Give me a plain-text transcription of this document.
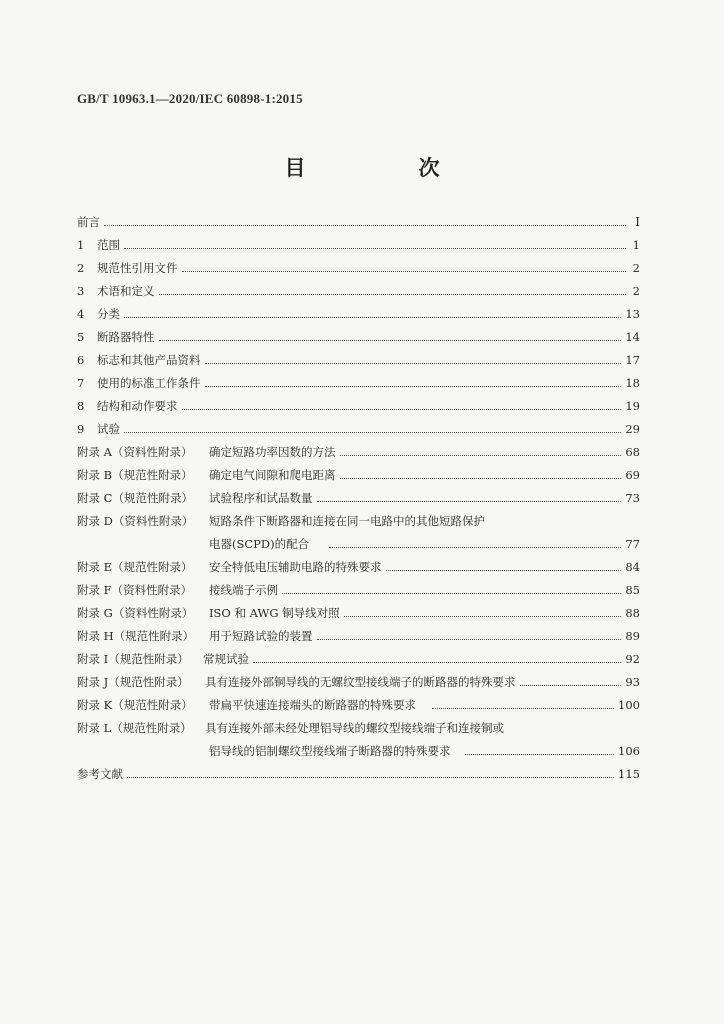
GB/T 10963.1—2020/IEC 60898-1:2015
目　次
前言	Ⅰ
1	范围	1
2	规范性引用文件	2
3	术语和定义	2
4	分类	13
5	断路器特性	14
6	标志和其他产品资料	17
7	使用的标准工作条件	18
8	结构和动作要求	19
9	试验	29
附录 A（资料性附录）	确定短路功率因数的方法	68
附录 B（规范性附录）	确定电气间隙和爬电距离	69
附录 C（规范性附录）	试验程序和试品数量	73
附录 D（资料性附录）	短路条件下断路器和连接在同一电路中的其他短路保护
电器(SCPD)的配合	77
附录 E（规范性附录）	安全特低电压辅助电路的特殊要求	84
附录 F（资料性附录）	接线端子示例	85
附录 G（资料性附录）	ISO 和 AWG 铜导线对照	88
附录 H（规范性附录）	用于短路试验的装置	89
附录 I（规范性附录）	常规试验	92
附录 J（规范性附录）	具有连接外部铜导线的无螺纹型接线端子的断路器的特殊要求	93
附录 K（规范性附录）	带扁平快速连接端头的断路器的特殊要求	100
附录 L（规范性附录）	具有连接外部未经处理铝导线的螺纹型接线端子和连接铜或
铝导线的铝制螺纹型接线端子断路器的特殊要求	106
参考文献	115
